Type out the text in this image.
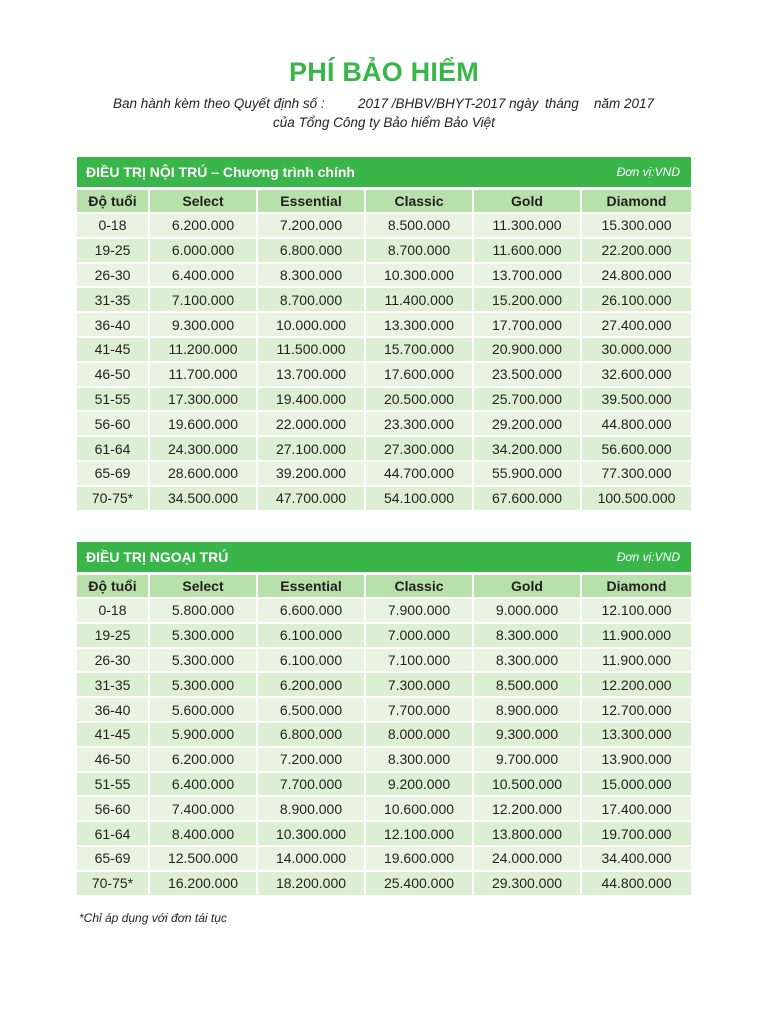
PHÍ BẢO HIỂM
Ban hành kèm theo Quyết định số : 2017 /BHBV/BHYT-2017 ngày tháng năm 2017
của Tổng Công ty Bảo hiểm Bảo Việt
ĐIỀU TRỊ NỘI TRÚ – Chương trình chính	Đơn vị:VND
Độ tuổi	Select	Essential	Classic	Gold	Diamond
0-18	6.200.000	7.200.000	8.500.000	11.300.000	15.300.000
19-25	6.000.000	6.800.000	8.700.000	11.600.000	22.200.000
26-30	6.400.000	8.300.000	10.300.000	13.700.000	24.800.000
31-35	7.100.000	8.700.000	11.400.000	15.200.000	26.100.000
36-40	9.300.000	10.000.000	13.300.000	17.700.000	27.400.000
41-45	11.200.000	11.500.000	15.700.000	20.900.000	30.000.000
46-50	11.700.000	13.700.000	17.600.000	23.500.000	32.600.000
51-55	17.300.000	19.400.000	20.500.000	25.700.000	39.500.000
56-60	19.600.000	22.000.000	23.300.000	29.200.000	44.800.000
61-64	24.300.000	27.100.000	27.300.000	34.200.000	56.600.000
65-69	28.600.000	39.200.000	44.700.000	55.900.000	77.300.000
70-75*	34.500.000	47.700.000	54.100.000	67.600.000	100.500.000
ĐIỀU TRỊ NGOẠI TRÚ	Đơn vị:VND
Độ tuổi	Select	Essential	Classic	Gold	Diamond
0-18	5.800.000	6.600.000	7.900.000	9.000.000	12.100.000
19-25	5.300.000	6.100.000	7.000.000	8.300.000	11.900.000
26-30	5.300.000	6.100.000	7.100.000	8.300.000	11.900.000
31-35	5.300.000	6.200.000	7.300.000	8.500.000	12.200.000
36-40	5.600.000	6.500.000	7.700.000	8.900.000	12.700.000
41-45	5.900.000	6.800.000	8.000.000	9.300.000	13.300.000
46-50	6.200.000	7.200.000	8.300.000	9.700.000	13.900.000
51-55	6.400.000	7.700.000	9.200.000	10.500.000	15.000.000
56-60	7.400.000	8.900.000	10.600.000	12.200.000	17.400.000
61-64	8.400.000	10.300.000	12.100.000	13.800.000	19.700.000
65-69	12.500.000	14.000.000	19.600.000	24.000.000	34.400.000
70-75*	16.200.000	18.200.000	25.400.000	29.300.000	44.800.000
*Chỉ áp dụng với đơn tái tục
